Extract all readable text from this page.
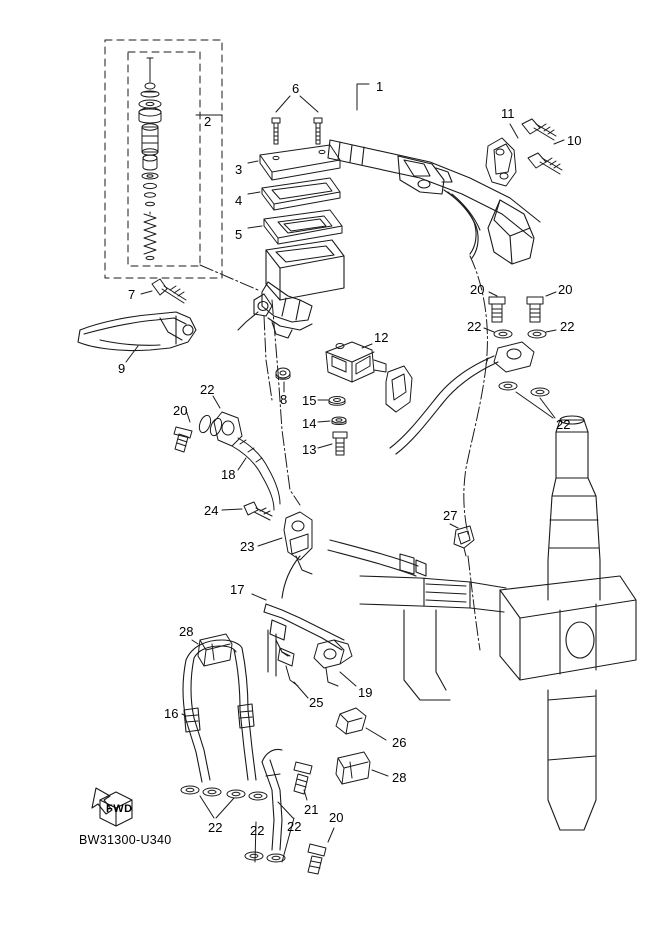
1
2
3
4
5
6
7
8
9
10
11
12
13
14
15
16
17
18
19
20	20
20
20
21
22	22
22
22
22 22 22
23
24
25
26
27
28
28
FWD
BW31300-U340
